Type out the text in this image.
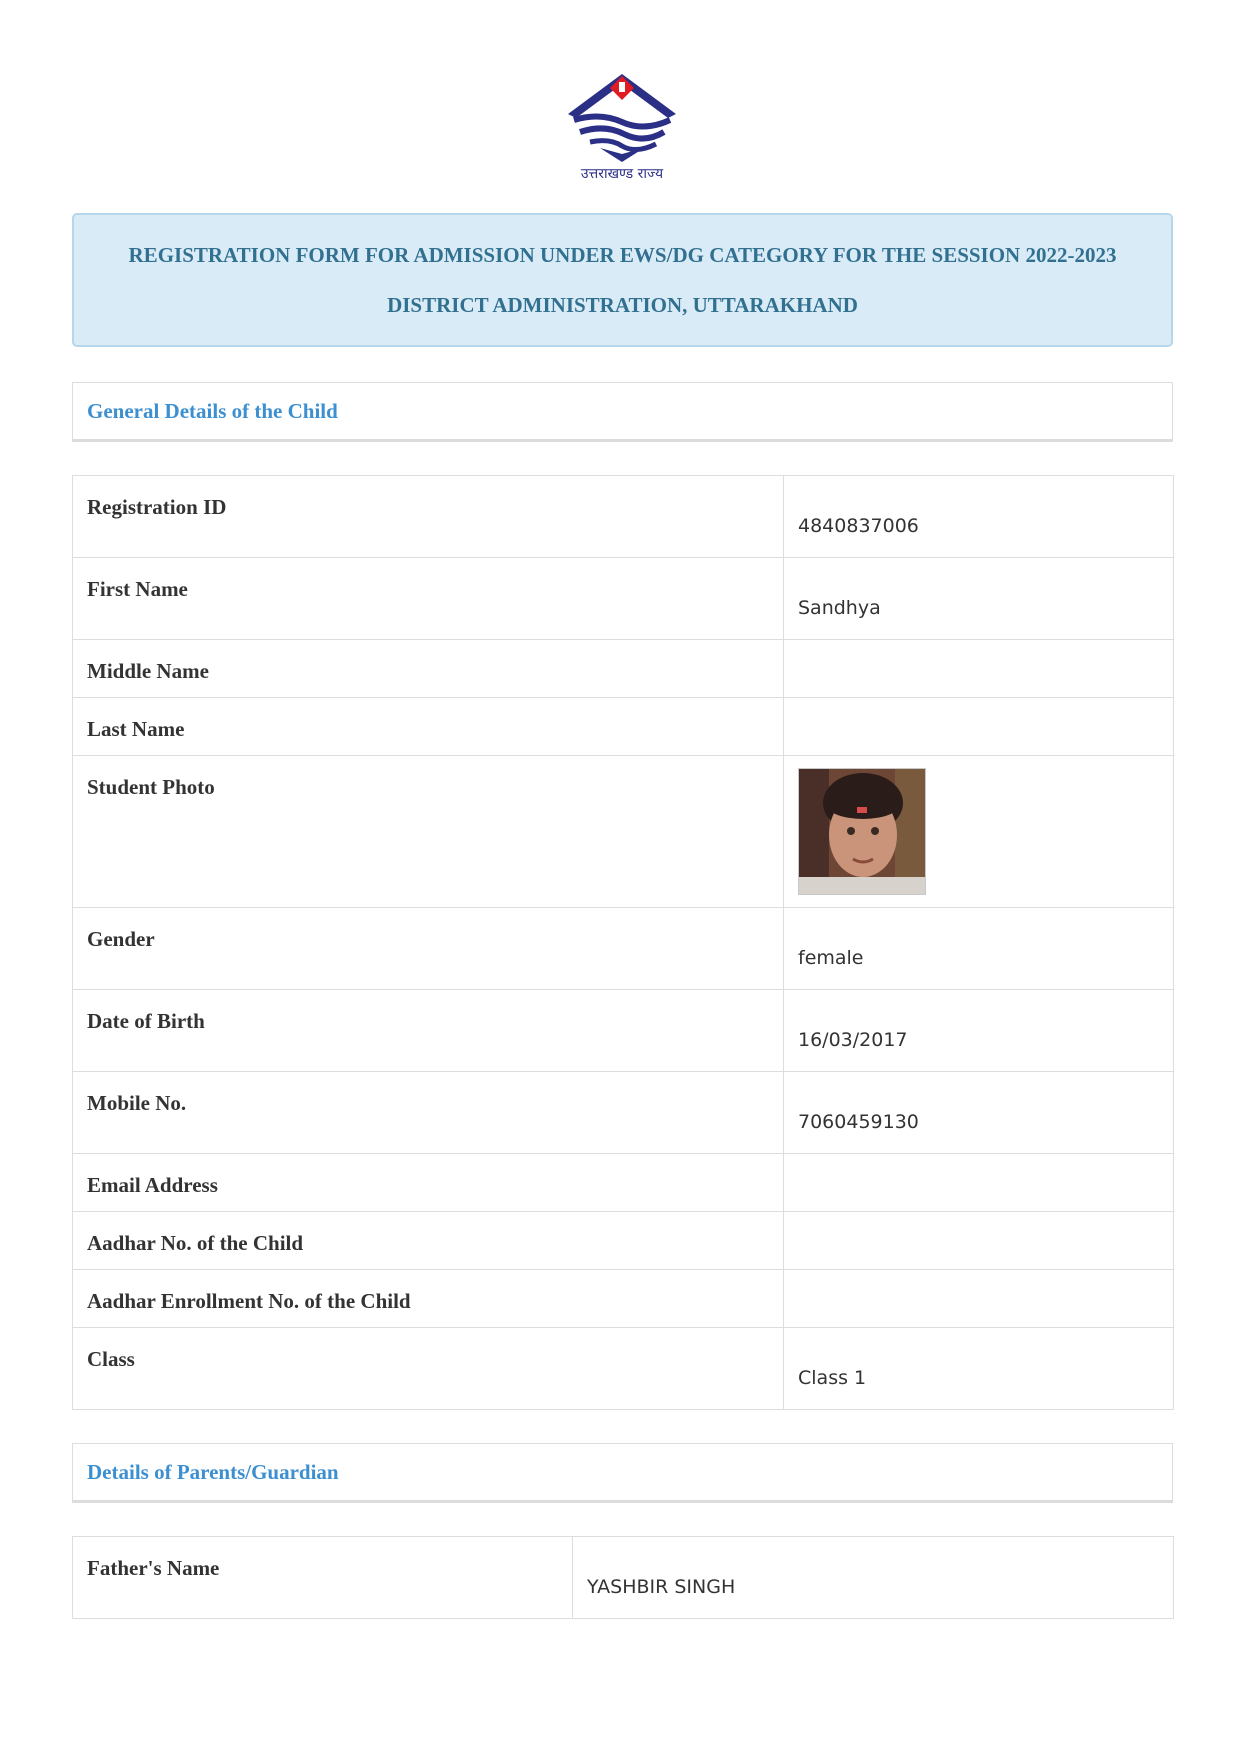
उत्तराखण्ड राज्य
REGISTRATION FORM FOR ADMISSION UNDER EWS/DG CATEGORY FOR THE SESSION 2022-2023
DISTRICT ADMINISTRATION, UTTARAKHAND
General Details of the Child
Registration ID	4840837006
First Name	Sandhya
Middle Name	
Last Name	
Student Photo	

Gender	female
Date of Birth	16/03/2017
Mobile No.	7060459130
Email Address	
Aadhar No. of the Child	
Aadhar Enrollment No. of the Child	
Class	Class 1
Details of Parents/Guardian
Father's Name	YASHBIR SINGH
